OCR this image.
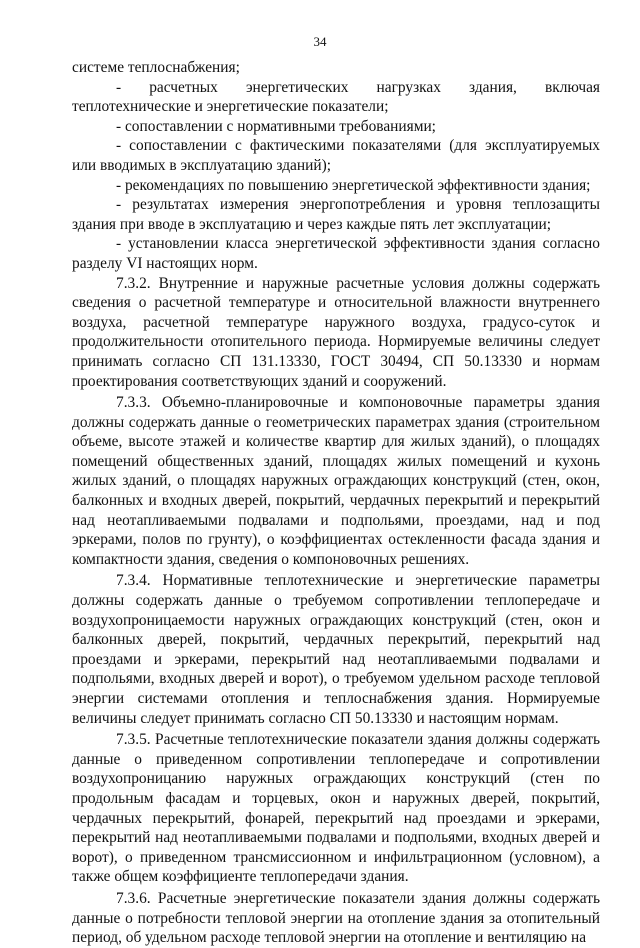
34

системе теплоснабжения;

- расчетных энергетических нагрузках здания, включая теплотехнические и энергетические показатели;

- сопоставлении с нормативными требованиями;

- сопоставлении с фактическими показателями (для эксплуатируемых или вводимых в эксплуатацию зданий);

- рекомендациях по повышению энергетической эффективности здания;

- результатах измерения энергопотребления и уровня теплозащиты здания при вводе в эксплуатацию и через каждые пять лет эксплуатации;

- установлении класса энергетической эффективности здания согласно разделу VI настоящих норм.

7.3.2. Внутренние и наружные расчетные условия должны содержать сведения о расчетной температуре и относительной влажности внутреннего воздуха, расчетной температуре наружного воздуха, градусо-суток и продолжительности отопительного периода. Нормируемые величины следует принимать согласно СП 131.13330, ГОСТ 30494, СП 50.13330 и нормам проектирования соответствующих зданий и сооружений.

7.3.3. Объемно-планировочные и компоновочные параметры здания должны содержать данные о геометрических параметрах здания (строительном объеме, высоте этажей и количестве квартир для жилых зданий), о площадях помещений общественных зданий, площадях жилых помещений и кухонь жилых зданий, о площадях наружных ограждающих конструкций (стен, окон, балконных и входных дверей, покрытий, чердачных перекрытий и перекрытий над неотапливаемыми подвалами и подпольями, проездами, над и под эркерами, полов по грунту), о коэффициентах остекленности фасада здания и компактности здания, сведения о компоновочных решениях.

7.3.4. Нормативные теплотехнические и энергетические параметры должны содержать данные о требуемом сопротивлении теплопередаче и воздухопроницаемости наружных ограждающих конструкций (стен, окон и балконных дверей, покрытий, чердачных перекрытий, перекрытий над проездами и эркерами, перекрытий над неотапливаемыми подвалами и подпольями, входных дверей и ворот), о требуемом удельном расходе тепловой энергии системами отопления и теплоснабжения здания. Нормируемые величины следует принимать согласно СП 50.13330 и настоящим нормам.

7.3.5. Расчетные теплотехнические показатели здания должны содержать данные о приведенном сопротивлении теплопередаче и сопротивлении воздухопроницанию наружных ограждающих конструкций (стен по продольным фасадам и торцевых, окон и наружных дверей, покрытий, чердачных перекрытий, фонарей, перекрытий над проездами и эркерами, перекрытий над неотапливаемыми подвалами и подпольями, входных дверей и ворот), о приведенном трансмиссионном и инфильтрационном (условном), а также общем коэффициенте теплопередачи здания.

7.3.6. Расчетные энергетические показатели здания должны содержать данные о потребности тепловой энергии на отопление здания за отопительный период, об удельном расходе тепловой энергии на отопление и вентиляцию на
